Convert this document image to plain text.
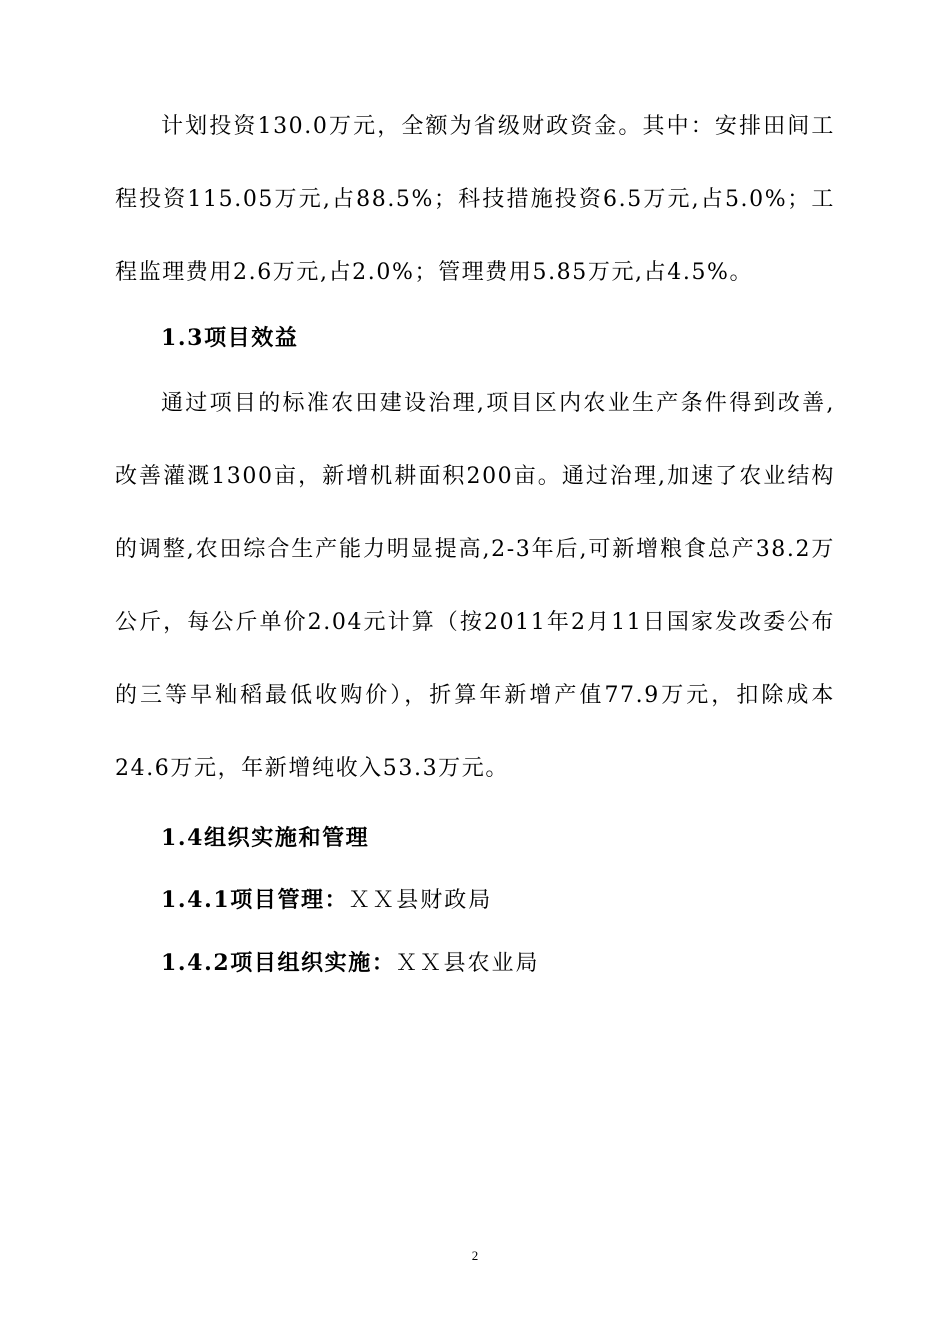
计划投资130.0万元，全额为省级财政资金。其中：安排田间工程投资115.05万元,占88.5%；科技措施投资6.5万元,占5.0%；工程监理费用2.6万元,占2.0%；管理费用5.85万元,占4.5%。

1.3项目效益

通过项目的标准农田建设治理,项目区内农业生产条件得到改善,改善灌溉1300亩，新增机耕面积200亩。通过治理,加速了农业结构的调整,农田综合生产能力明显提高,2-3年后,可新增粮食总产38.2万公斤，每公斤单价2.04元计算（按2011年2月11日国家发改委公布的三等早籼稻最低收购价），折算年新增产值77.9万元，扣除成本24.6万元，年新增纯收入53.3万元。

1.4组织实施和管理
1.4.1项目管理：ＸＸ县财政局
1.4.2项目组织实施：ＸＸ县农业局
2
